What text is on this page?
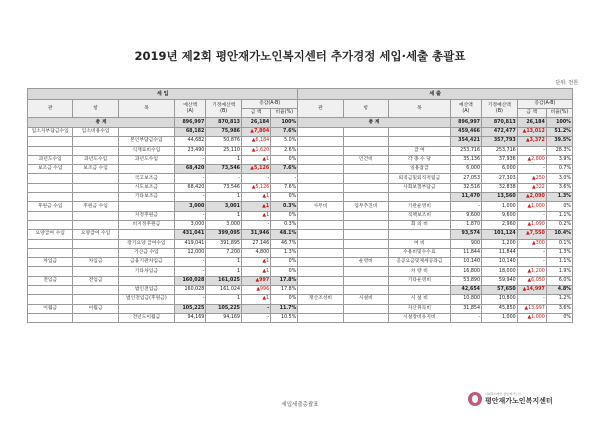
2019년 제2회 평안재가노인복지센터 추가경정 세입·세출 총괄표
단위: 천원
세 입							세 출						
관	항	목	예산액
(A)	기정예산액
(B)	증감(A-B)		관	항	목	예산액
(A)	기정예산액
(B)	증감(A-B)	
					금 액	비율(%)						금 액	비율(%)
총 계			896,997	870,813	26,184	100%	총 계			896,997	870,813	26,184	100%
입소자부담금수입	입소비용수입		68,182	75,986	▲7,804	7.6%				459,466	472,477	▲13,012	51.2%
		본인부담금수입	44,682	50,876	▲6,184	5.0%				354,421	357,793	▲3,372	39.5%
		식재료비수입	23,490	25,110	▲1,620	2.6%			급 여	253,716	253,716	-	28.3%
과년도수입	과년도수입	과년도수입	-	1	▲1	0%		인건비	각 종 수 당	35,136	37,936	▲2,800	3.9%
보조금 수입	보조금 수입		68,420	73,546	▲5,126	7.6%			일용잡급	6,000	6,000	-	0.7%
		국고보조금	-	-	-	-			퇴직금및퇴직적립금	27,053	27,303	▲250	3.0%
		시도보조금	68,420	73,546	▲5,126	7.6%			사회보험부담금	32,516	32,838	▲322	3.6%
		기타보조금	-	1	▲1	0%				11,470	13,560	▲2,090	1.3%
후원금 수입	후원금 수입		3,000	3,001	▲1	0.3%	사무비	업무추진비	기관운영비	-	1,000	▲1,000	0%
		지정후원금	-	1	▲1	0%			직책보조비	9,600	9,600	-	1.1%
		비지정후원금	3,000	3,000	-	0.3%			회 의 비	1,870	2,960	▲1,090	0.2%
요양급여 수입	요양급여 수입		431,041	399,095	31,946	48.1%				93,574	101,124	▲7,550	10.4%
		장기요양 급여수입	419,041	391,895	27,146	46.7%			여 비	900	1,200	▲300	0.1%
		기산금 수입	12,000	7,200	4,800	1.3%			수용비및수수료	11,844	11,844	-	1.3%
차입금	차입금	금융기관차입금	-	1	▲1	0%		운영비	공공요금및제세공과금	10,140	10,140	-	1.1%
		기타차입금	-	1	▲1	0%			차 량 비	16,800	18,000	▲1,200	1.9%
전입금	전입금		160,028	161,025	▲997	17.8%			기타운영비	53,890	59,940	▲6,050	6.0%
		법인전입금	160,028	161,024	▲996	17.8%				42,654	57,650	▲14,997	4.8%
		법인전입금(후원금)	-	1	▲1	0%	재산조성비	시설비	시 설 비	10,800	10,800	-	1.2%
이월금	이월금		105,225	105,225	-	11.7%			자산취득비	31,854	45,850	▲13,997	3.6%
		전년도이월금	94,169	94,169	-	10.5%			시설장비유지비	-	1,000	▲1,000	0%
세입세출총괄표
사회복지법인 평안재가노인
평안재가노인복지센터
